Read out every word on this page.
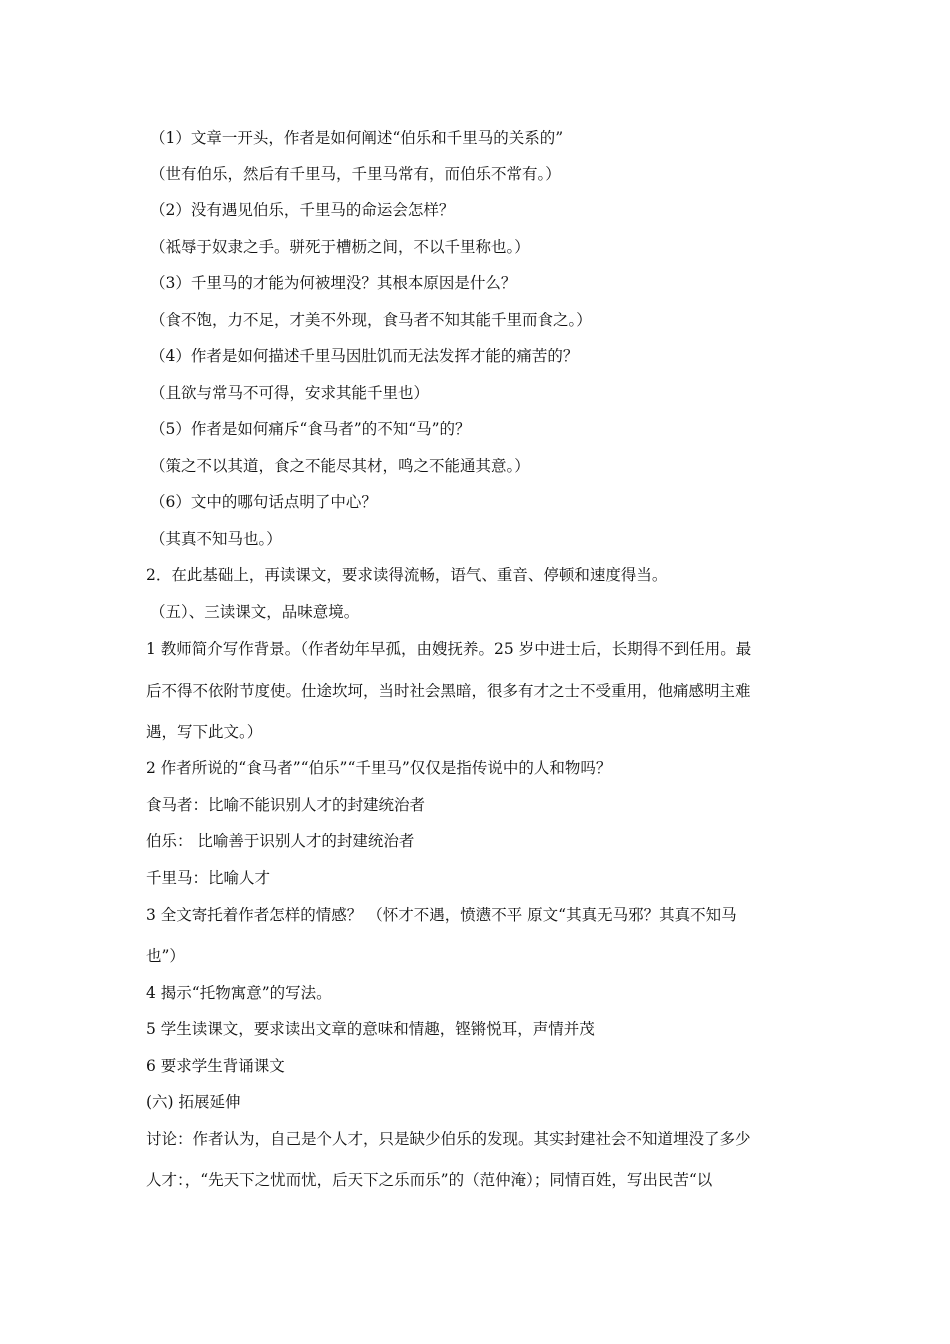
（1）文章一开头，作者是如何阐述“伯乐和千里马的关系的”
（世有伯乐，然后有千里马，千里马常有，而伯乐不常有。）
（2）没有遇见伯乐，千里马的命运会怎样？
（祗辱于奴隶之手。骈死于槽枥之间，不以千里称也。）
（3）千里马的才能为何被埋没？其根本原因是什么？
（食不饱，力不足，才美不外现，食马者不知其能千里而食之。）
（4）作者是如何描述千里马因肚饥而无法发挥才能的痛苦的？
（且欲与常马不可得，安求其能千里也）
（5）作者是如何痛斥“食马者”的不知“马”的？
（策之不以其道，食之不能尽其材，鸣之不能通其意。）
（6）文中的哪句话点明了中心？
（其真不知马也。）
2．在此基础上，再读课文，要求读得流畅，语气、重音、停顿和速度得当。
（五）、三读课文，品味意境。
1 教师简介写作背景。（作者幼年早孤，由嫂抚养。25 岁中进士后，长期得不到任用。最
后不得不依附节度使。仕途坎坷，当时社会黑暗，很多有才之士不受重用，他痛感明主难
遇，写下此文。）
2 作者所说的“食马者”“伯乐”“千里马”仅仅是指传说中的人和物吗？
食马者：比喻不能识别人才的封建统治者
伯乐： 比喻善于识别人才的封建统治者
千里马：比喻人才
3 全文寄托着作者怎样的情感？ （怀才不遇，愤懑不平 原文“其真无马邪？其真不知马
也”）
4 揭示“托物寓意”的写法。
5 学生读课文，要求读出文章的意味和情趣，铿锵悦耳，声情并茂
6 要求学生背诵课文
(六) 拓展延伸
讨论：作者认为，自己是个人才，只是缺少伯乐的发现。其实封建社会不知道埋没了多少
人才：，“先天下之忧而忧，后天下之乐而乐”的（范仲淹）；同情百姓，写出民苦“以
